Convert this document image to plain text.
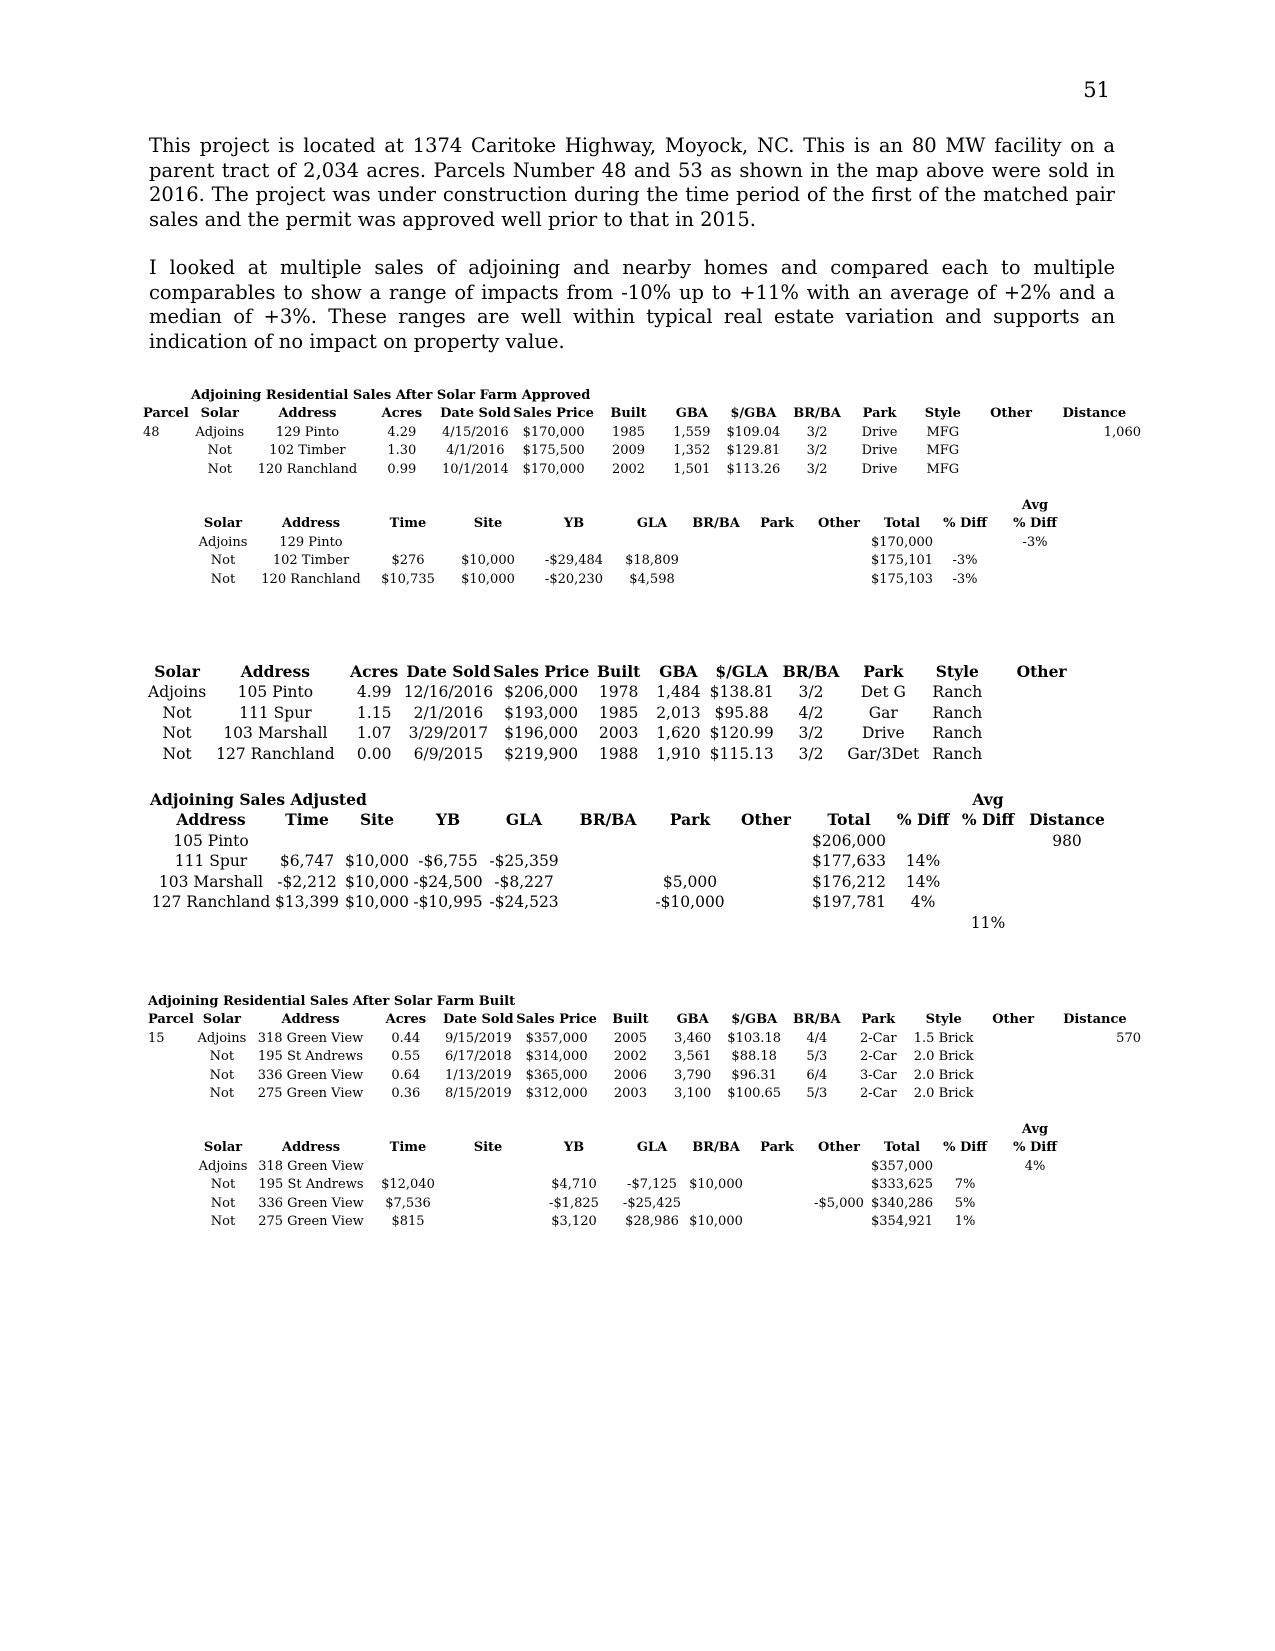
51

This project is located at 1374 Caritoke Highway, Moyock, NC. This is an 80 MW facility on a parent tract of 2,034 acres. Parcels Number 48 and 53 as shown in the map above were sold in 2016. The project was under construction during the time period of the first of the matched pair sales and the permit was approved well prior to that in 2015.

I looked at multiple sales of adjoining and nearby homes and compared each to multiple comparables to show a range of impacts from -10% up to +11% with an average of +2% and a median of +3%. These ranges are well within typical real estate variation and supports an indication of no impact on property value.

	Adjoining Residential Sales After Solar Farm Approved												
Parcel	Solar	Address	Acres	Date Sold	Sales Price	Built	GBA	$/GBA	BR/BA	Park	Style	Other	Distance
48	Adjoins	129 Pinto	4.29	4/15/2016	$170,000	1985	1,559	$109.04	3/2	Drive	MFG		1,060
	Not	102 Timber	1.30	4/1/2016	$175,500	2009	1,352	$129.81	3/2	Drive	MFG		
	Not	120 Ranchland	0.99	10/1/2014	$170,000	2002	1,501	$113.26	3/2	Drive	MFG		
											Avg
Solar	Address	Time	Site	YB	GLA	BR/BA	Park	Other	Total	% Diff	% Diff
Adjoins	129 Pinto								$170,000		-3%
Not	102 Timber	$276	$10,000	-$29,484	$18,809				$175,101	-3%	
Not	120 Ranchland	$10,735	$10,000	-$20,230	$4,598				$175,103	-3%	
Solar	Address	Acres	Date Sold	Sales Price	Built	GBA	$/GLA	BR/BA	Park	Style	Other
Adjoins	105 Pinto	4.99	12/16/2016	$206,000	1978	1,484	$138.81	3/2	Det G	Ranch	
Not	111 Spur	1.15	2/1/2016	$193,000	1985	2,013	$95.88	4/2	Gar	Ranch	
Not	103 Marshall	1.07	3/29/2017	$196,000	2003	1,620	$120.99	3/2	Drive	Ranch	
Not	127 Ranchland	0.00	6/9/2015	$219,900	1988	1,910	$115.13	3/2	Gar/3Det	Ranch	
Adjoining Sales Adjusted										Avg	
Address	Time	Site	YB	GLA	BR/BA	Park	Other	Total	% Diff	% Diff	Distance
105 Pinto								$206,000			980
111 Spur	$6,747	$10,000	-$6,755	-$25,359				$177,633	14%		
103 Marshall	-$2,212	$10,000	-$24,500	-$8,227		$5,000		$176,212	14%		
127 Ranchland	$13,399	$10,000	-$10,995	-$24,523		-$10,000		$197,781	4%		
										11%	
Adjoining Residential Sales After Solar Farm Built													
Parcel	Solar	Address	Acres	Date Sold	Sales Price	Built	GBA	$/GBA	BR/BA	Park	Style	Other	Distance
15	Adjoins	318 Green View	0.44	9/15/2019	$357,000	2005	3,460	$103.18	4/4	2-Car	1.5 Brick		570
	Not	195 St Andrews	0.55	6/17/2018	$314,000	2002	3,561	$88.18	5/3	2-Car	2.0 Brick		
	Not	336 Green View	0.64	1/13/2019	$365,000	2006	3,790	$96.31	6/4	3-Car	2.0 Brick		
	Not	275 Green View	0.36	8/15/2019	$312,000	2003	3,100	$100.65	5/3	2-Car	2.0 Brick		
											Avg
Solar	Address	Time	Site	YB	GLA	BR/BA	Park	Other	Total	% Diff	% Diff
Adjoins	318 Green View								$357,000		4%
Not	195 St Andrews	$12,040		$4,710	-$7,125	$10,000			$333,625	7%	
Not	336 Green View	$7,536		-$1,825	-$25,425			-$5,000	$340,286	5%	
Not	275 Green View	$815		$3,120	$28,986	$10,000			$354,921	1%	
